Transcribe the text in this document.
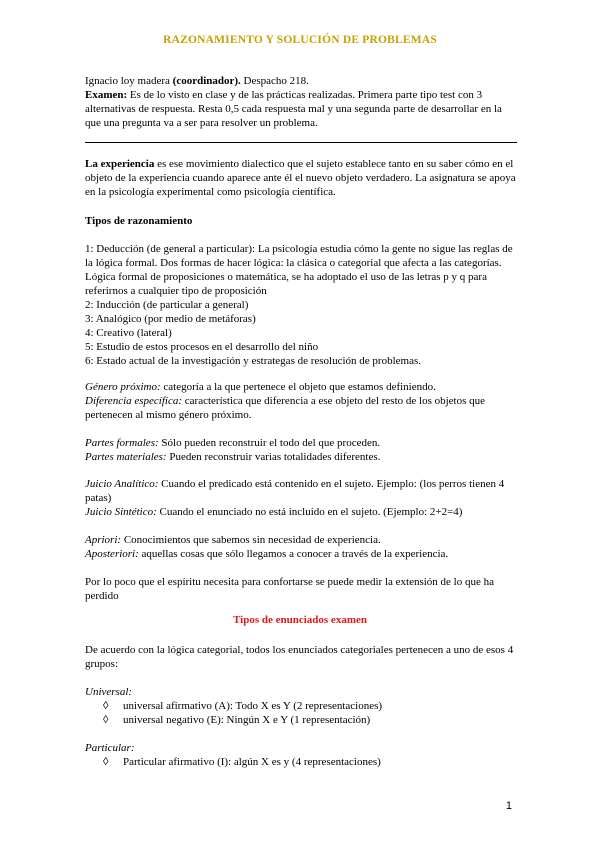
RAZONAMIENTO Y SOLUCIÓN DE PROBLEMAS

Ignacio loy madera (coordinador). Despacho 218.

Examen: Es de lo visto en clase y de las prácticas realizadas. Primera parte tipo test con 3 alternativas de respuesta. Resta 0,5 cada respuesta mal y una segunda parte de desarrollar en la que una pregunta va a ser para resolver un problema.

La experiencia es ese movimiento dialectico que el sujeto establece tanto en su saber cómo en el objeto de la experiencia cuando aparece ante él el nuevo objeto verdadero. La asignatura se apoya en la psicología experimental como psicología científica.

Tipos de razonamiento

1: Deducción (de general a particular): La psicología estudia cómo la gente no sigue las reglas de la lógica formal. Dos formas de hacer lógica: la clásica o categorial que afecta a las categorías. Lógica formal de proposiciones o matemática, se ha adoptado el uso de las letras p y q para referirnos a cualquier tipo de proposición

2: Inducción (de particular a general)

3: Analógico (por medio de metáforas)

4: Creativo (lateral)

5: Estudio de estos procesos en el desarrollo del niño

6: Estado actual de la investigación y estrategas de resolución de problemas.

Género próximo: categoría a la que pertenece el objeto que estamos definiendo.

Diferencia específica: característica que diferencia a ese objeto del resto de los objetos que pertenecen al mismo género próximo.

Partes formales: Sólo pueden reconstruir el todo del que proceden.

Partes materiales: Pueden reconstruir varias totalidades diferentes.

Juicio Analítico: Cuando el predicado está contenido en el sujeto. Ejemplo: (los perros tienen 4 patas)

Juicio Sintético: Cuando el enunciado no está incluido en el sujeto. (Ejemplo: 2+2=4)

Apriori: Conocimientos que sabemos sin necesidad de experiencia.

Aposteriori: aquellas cosas que sólo llegamos a conocer a través de la experiencia.

Por lo poco que el espíritu necesita para confortarse se puede medir la extensión de lo que ha perdido
Tipos de enunciados examen
De acuerdo con la lógica categorial, todos los enunciados categoriales pertenecen a uno de esos 4 grupos:

Universal:

◊ universal afirmativo (A): Todo X es Y (2 representaciones)

◊ universal negativo (E): Ningún X e Y (1 representación)

Particular:

◊ Particular afirmativo (I): algún X es y (4 representaciones)

1
